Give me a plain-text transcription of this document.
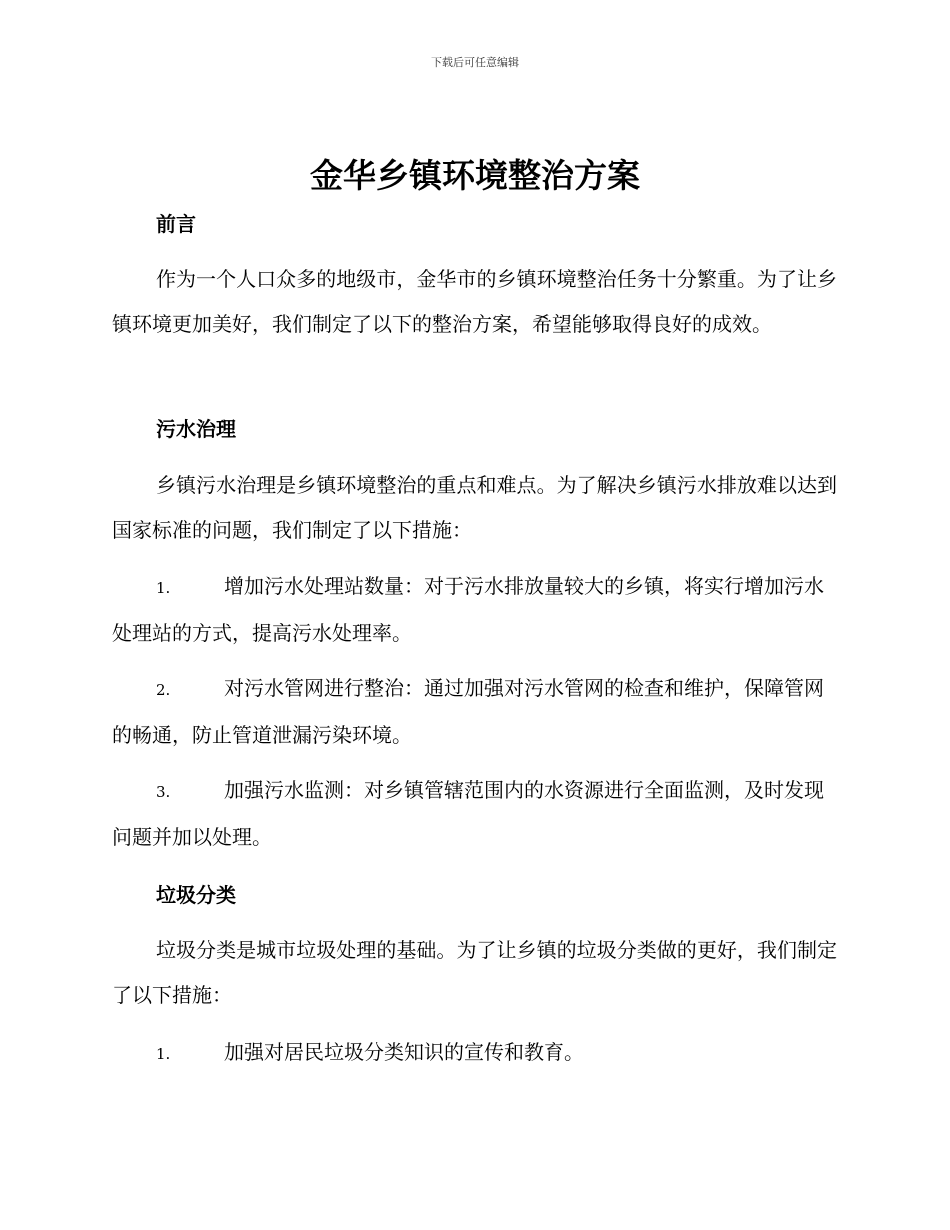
下载后可任意编辑
金华乡镇环境整治方案
前言
作为一个人口众多的地级市，金华市的乡镇环境整治任务十分繁重。为了让乡镇环境更加美好，我们制定了以下的整治方案，希望能够取得良好的成效。
污水治理
乡镇污水治理是乡镇环境整治的重点和难点。为了解决乡镇污水排放难以达到国家标准的问题，我们制定了以下措施：
1.	增加污水处理站数量：对于污水排放量较大的乡镇，将实行增加污水处理站的方式，提高污水处理率。
2.	对污水管网进行整治：通过加强对污水管网的检查和维护，保障管网的畅通，防止管道泄漏污染环境。
3.	加强污水监测：对乡镇管辖范围内的水资源进行全面监测，及时发现问题并加以处理。
垃圾分类
垃圾分类是城市垃圾处理的基础。为了让乡镇的垃圾分类做的更好，我们制定了以下措施：
1.	加强对居民垃圾分类知识的宣传和教育。
